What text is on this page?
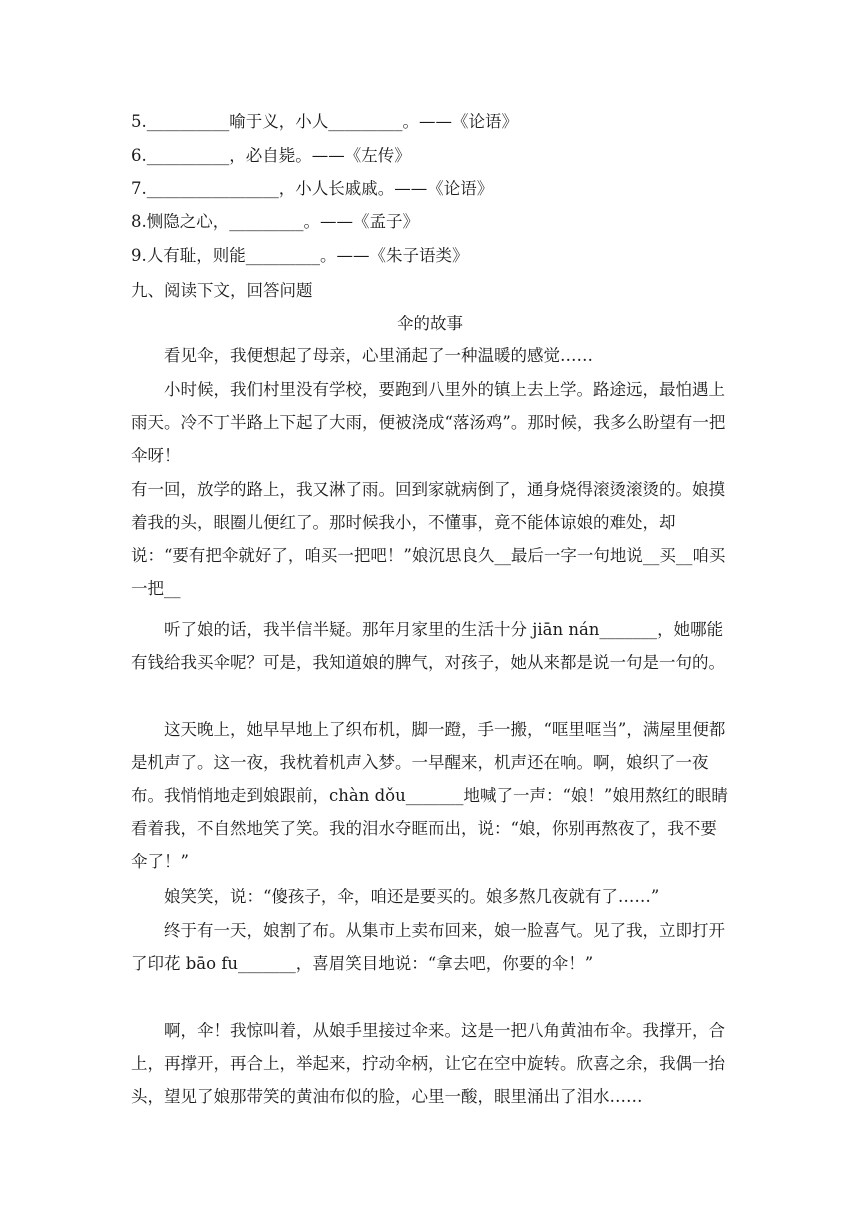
5.__________喻于义，小人_________。——《论语》
6.__________，必自毙。——《左传》
7.________________，小人长戚戚。——《论语》
8.恻隐之心，_________。——《孟子》
9.人有耻，则能_________。——《朱子语类》
九、阅读下文，回答问题
伞的故事
看见伞，我便想起了母亲，心里涌起了一种温暖的感觉……
小时候，我们村里没有学校，要跑到八里外的镇上去上学。路途远，最怕遇上雨天。冷不丁半路上下起了大雨，便被浇成“落汤鸡”。那时候，我多么盼望有一把伞呀！
有一回，放学的路上，我又淋了雨。回到家就病倒了，通身烧得滚烫滚烫的。娘摸着我的头，眼圈儿便红了。那时候我小，不懂事，竟不能体谅娘的难处，却说：“要有把伞就好了，咱买一把吧！”娘沉思良久__最后一字一句地说__买__咱买一把__
听了娘的话，我半信半疑。那年月家里的生活十分 jiān nán_______，她哪能有钱给我买伞呢？可是，我知道娘的脾气，对孩子，她从来都是说一句是一句的。
这天晚上，她早早地上了织布机，脚一蹬，手一搬，“哐里哐当”，满屋里便都是机声了。这一夜，我枕着机声入梦。一早醒来，机声还在响。啊，娘织了一夜布。我悄悄地走到娘跟前，chàn dǒu_______地喊了一声：“娘！”娘用熬红的眼睛看着我，不自然地笑了笑。我的泪水夺眶而出，说：“娘，你别再熬夜了，我不要伞了！”
娘笑笑，说：“傻孩子，伞，咱还是要买的。娘多熬几夜就有了……”
终于有一天，娘割了布。从集市上卖布回来，娘一脸喜气。见了我，立即打开了印花 bāo fu_______，喜眉笑目地说：“拿去吧，你要的伞！”
啊，伞！我惊叫着，从娘手里接过伞来。这是一把八角黄油布伞。我撑开，合上，再撑开，再合上，举起来，拧动伞柄，让它在空中旋转。欣喜之余，我偶一抬头，望见了娘那带笑的黄油布似的脸，心里一酸，眼里涌出了泪水……
